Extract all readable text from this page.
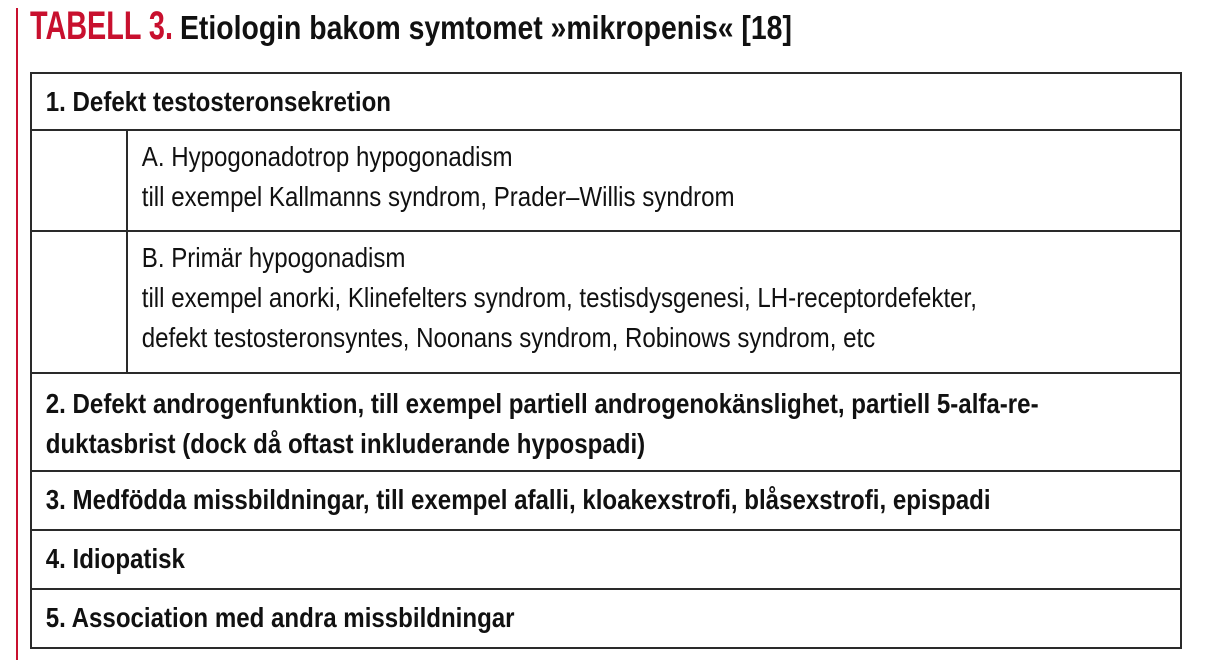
TABELL 3. Etiologin bakom symtomet »mikropenis« [18]
1. Defekt testosteronsekretion
A. Hypogonadotrop hypogonadism
till exempel Kallmanns syndrom, Prader–Willis syndrom
B. Primär hypogonadism
till exempel anorki, Klinefelters syndrom, testisdysgenesi, LH-receptordefekter,
defekt testosteronsyntes, Noonans syndrom, Robinows syndrom, etc
2. Defekt androgenfunktion, till exempel partiell androgenokänslighet, partiell 5-alfa-re-
duktasbrist (dock då oftast inkluderande hypospadi)
3. Medfödda missbildningar, till exempel afalli, kloakexstrofi, blåsexstrofi, epispadi
4. Idiopatisk
5. Association med andra missbildningar
